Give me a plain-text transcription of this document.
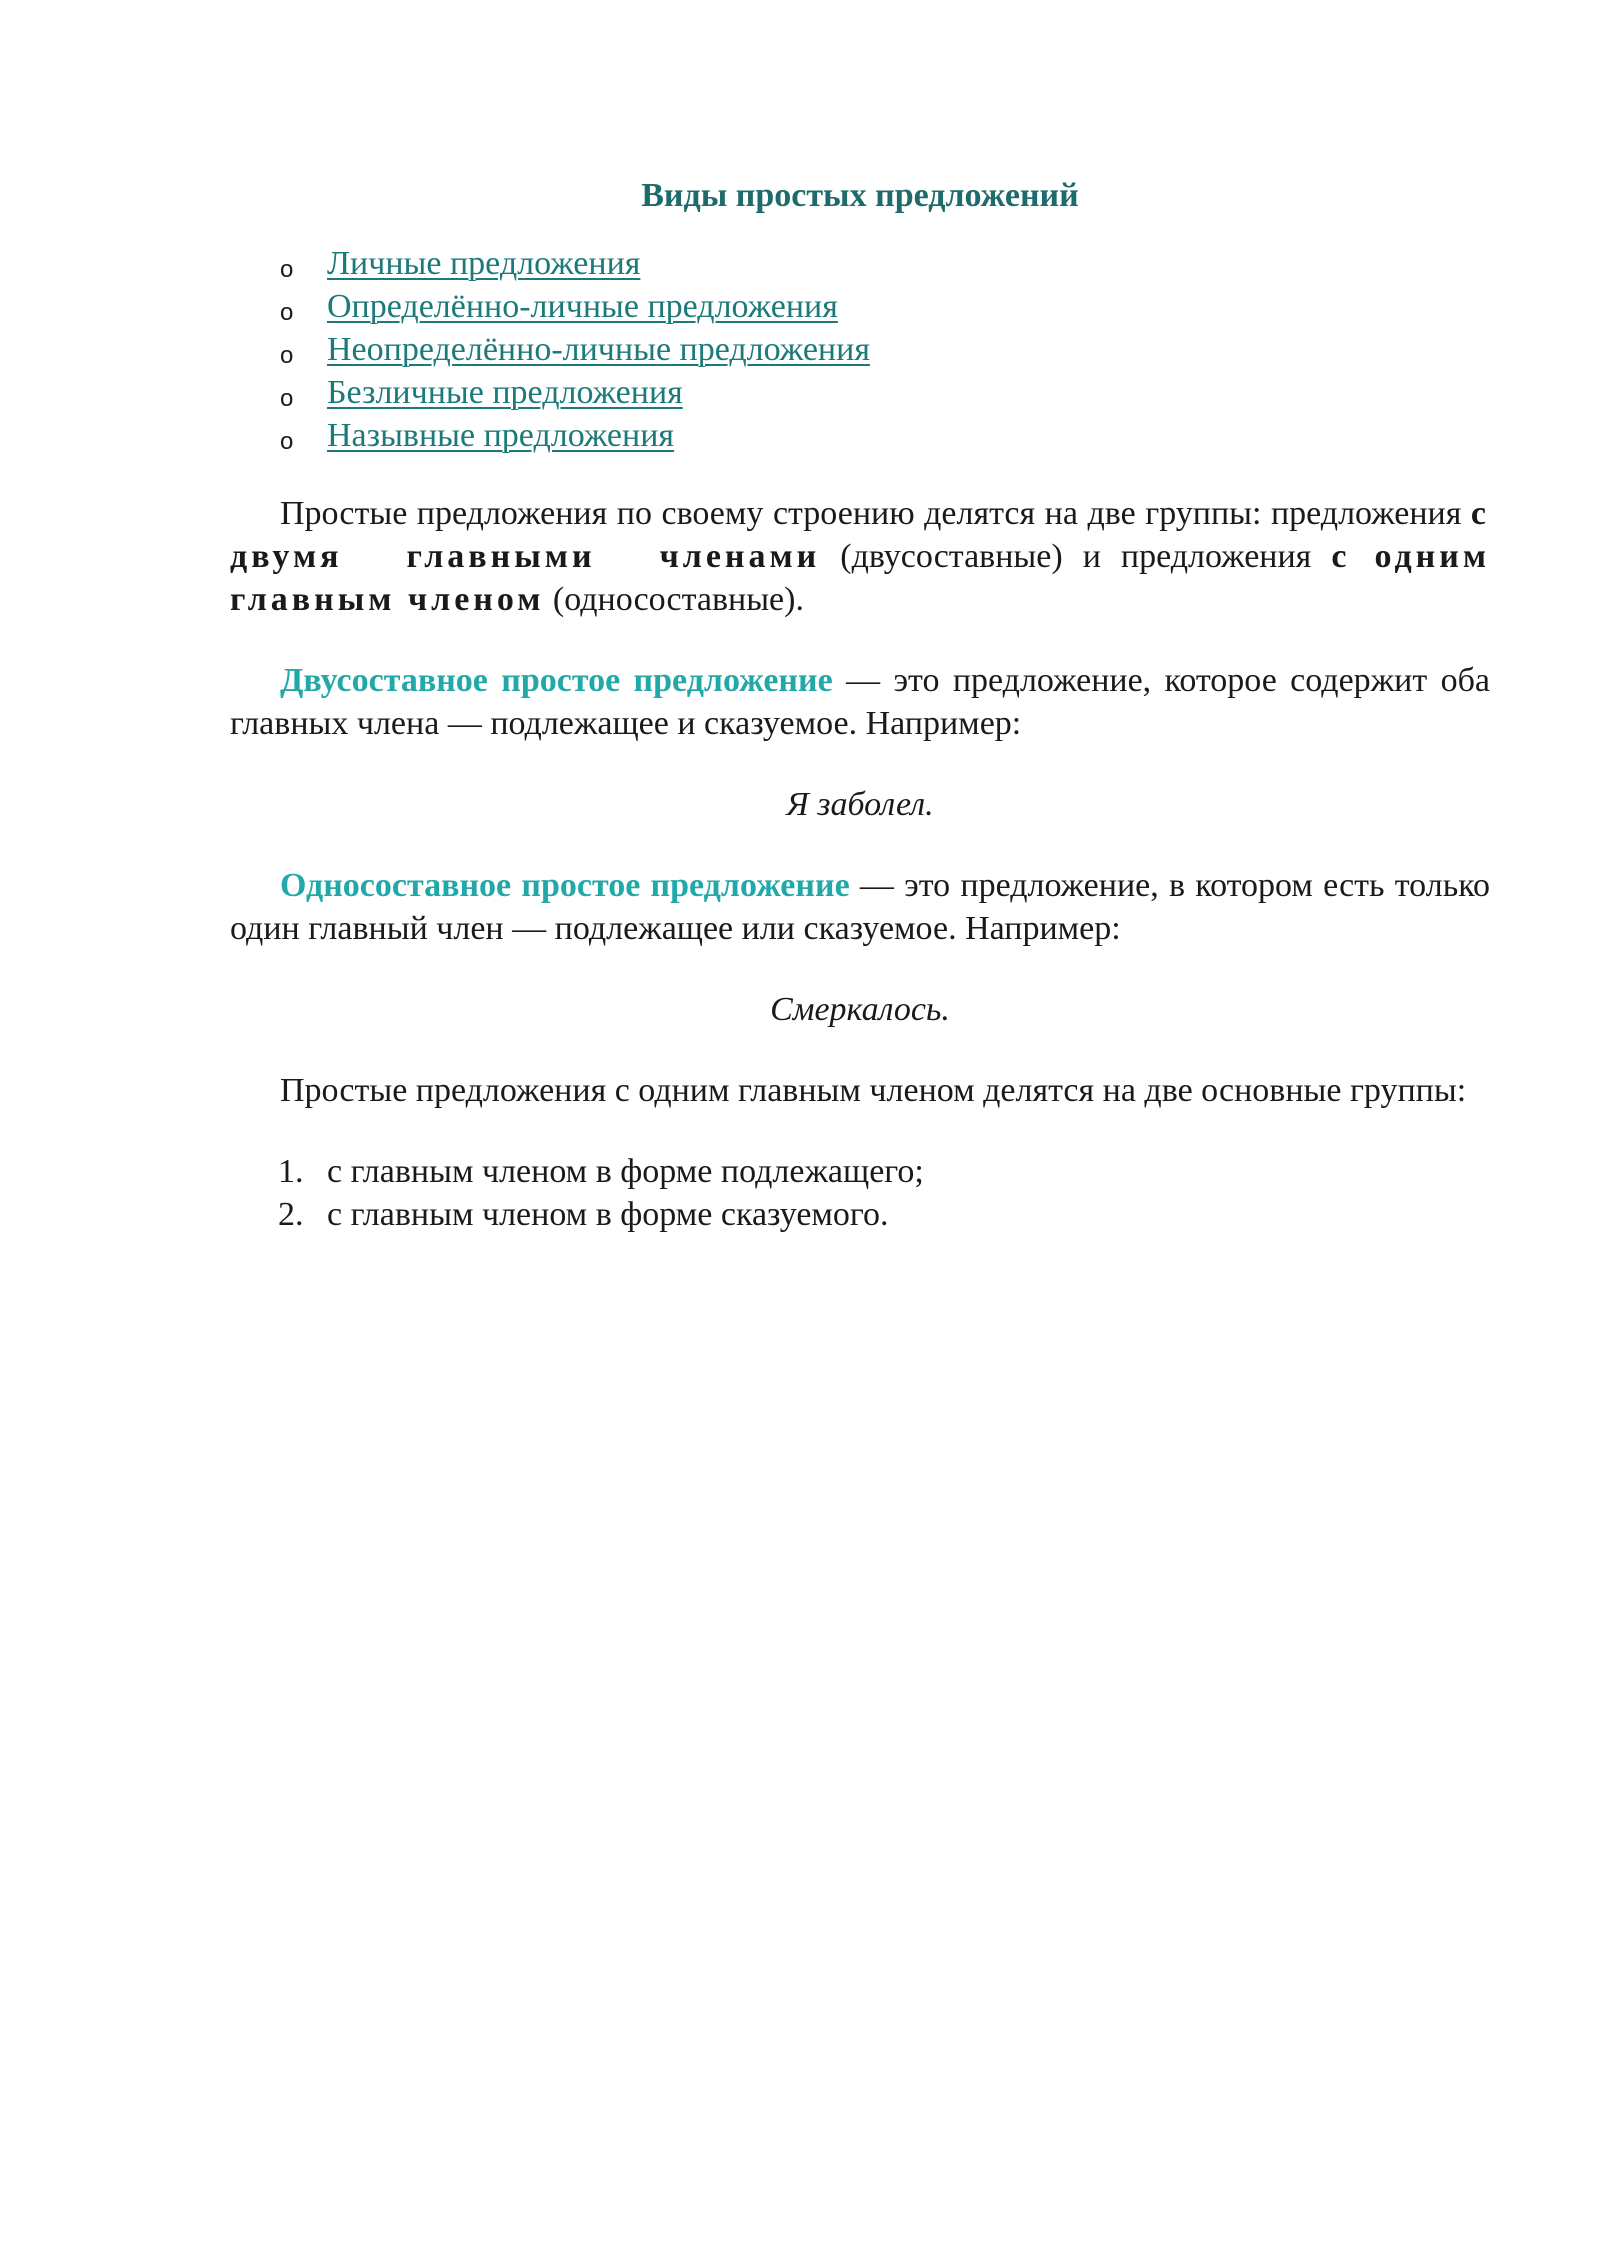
Виды простых предложений
o Личные предложения
o Определённо-личные предложения
o Неопределённо-личные предложения
o Безличные предложения
o Назывные предложения

Простые предложения по своему строению делятся на две группы: предложения с двумя главными членами (двусоставные) и предложения с одним главным членом (односоставные).

Двусоставное простое предложение — это предложение, которое содержит оба главных члена — подлежащее и сказуемое. Например:

Я заболел.

Односоставное простое предложение — это предложение, в котором есть только один главный член — подлежащее или сказуемое. Например:

Смеркалось.

Простые предложения с одним главным членом делятся на две основные группы:

1. с главным членом в форме подлежащего;
2. с главным членом в форме сказуемого.
